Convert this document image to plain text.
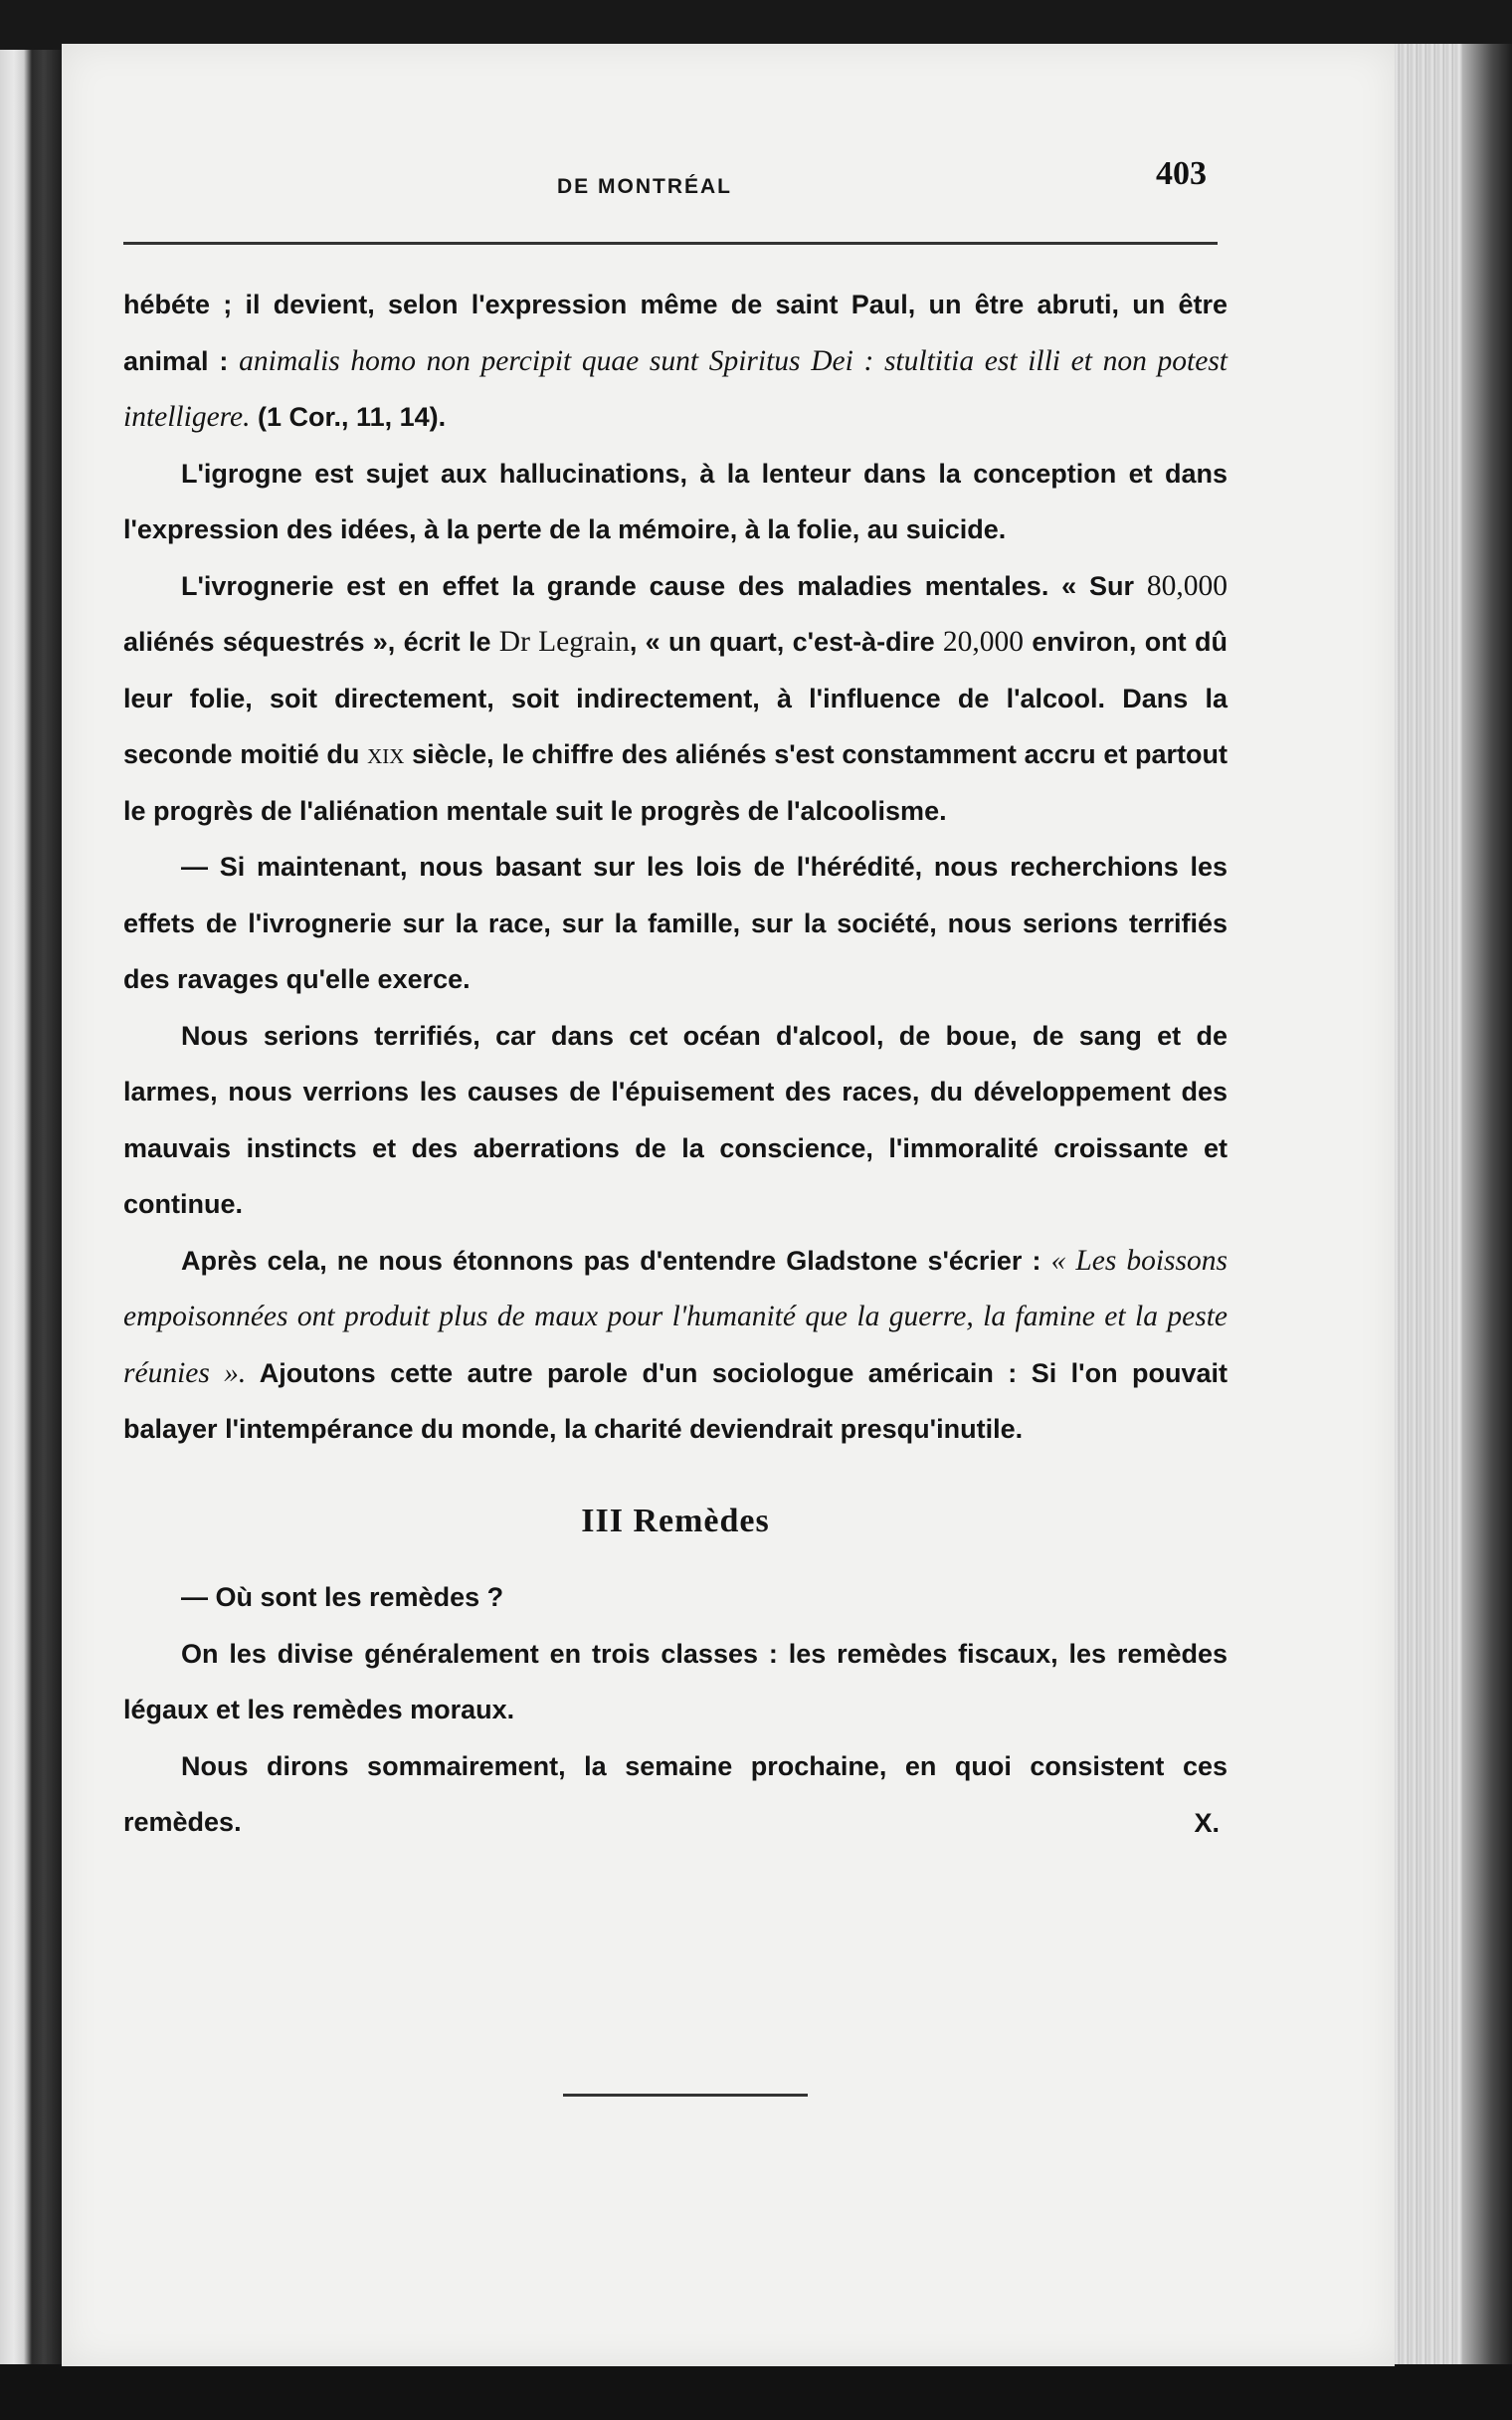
DE MONTRÉAL	403

hébéte ; il devient, selon l'expression même de saint Paul, un être abruti, un être animal : animalis homo non percipit quae sunt Spiritus Dei : stultitia est illi et non potest intelligere. (1 Cor., 11, 14).

L'igrogne est sujet aux hallucinations, à la lenteur dans la conception et dans l'expression des idées, à la perte de la mémoire, à la folie, au suicide.

L'ivrognerie est en effet la grande cause des maladies mentales. « Sur 80,000 aliénés séquestrés », écrit le Dr Legrain, « un quart, c'est-à-dire 20,000 environ, ont dû leur folie, soit directement, soit indirectement, à l'influence de l'alcool. Dans la seconde moitié du xix siècle, le chiffre des aliénés s'est constamment accru et partout le progrès de l'aliénation mentale suit le progrès de l'alcoolisme.

— Si maintenant, nous basant sur les lois de l'hérédité, nous recherchions les effets de l'ivrognerie sur la race, sur la famille, sur la société, nous serions terrifiés des ravages qu'elle exerce.

Nous serions terrifiés, car dans cet océan d'alcool, de boue, de sang et de larmes, nous verrions les causes de l'épuisement des races, du développement des mauvais instincts et des aberrations de la conscience, l'immoralité croissante et continue.

Après cela, ne nous étonnons pas d'entendre Gladstone s'écrier : « Les boissons empoisonnées ont produit plus de maux pour l'humanité que la guerre, la famine et la peste réunies ». Ajoutons cette autre parole d'un sociologue américain : Si l'on pouvait balayer l'intempérance du monde, la charité deviendrait presqu'inutile.

III Remèdes

— Où sont les remèdes ?

On les divise généralement en trois classes : les remèdes fiscaux, les remèdes légaux et les remèdes moraux.

Nous dirons sommairement, la semaine prochaine, en quoi consistent ces remèdes.	X.
